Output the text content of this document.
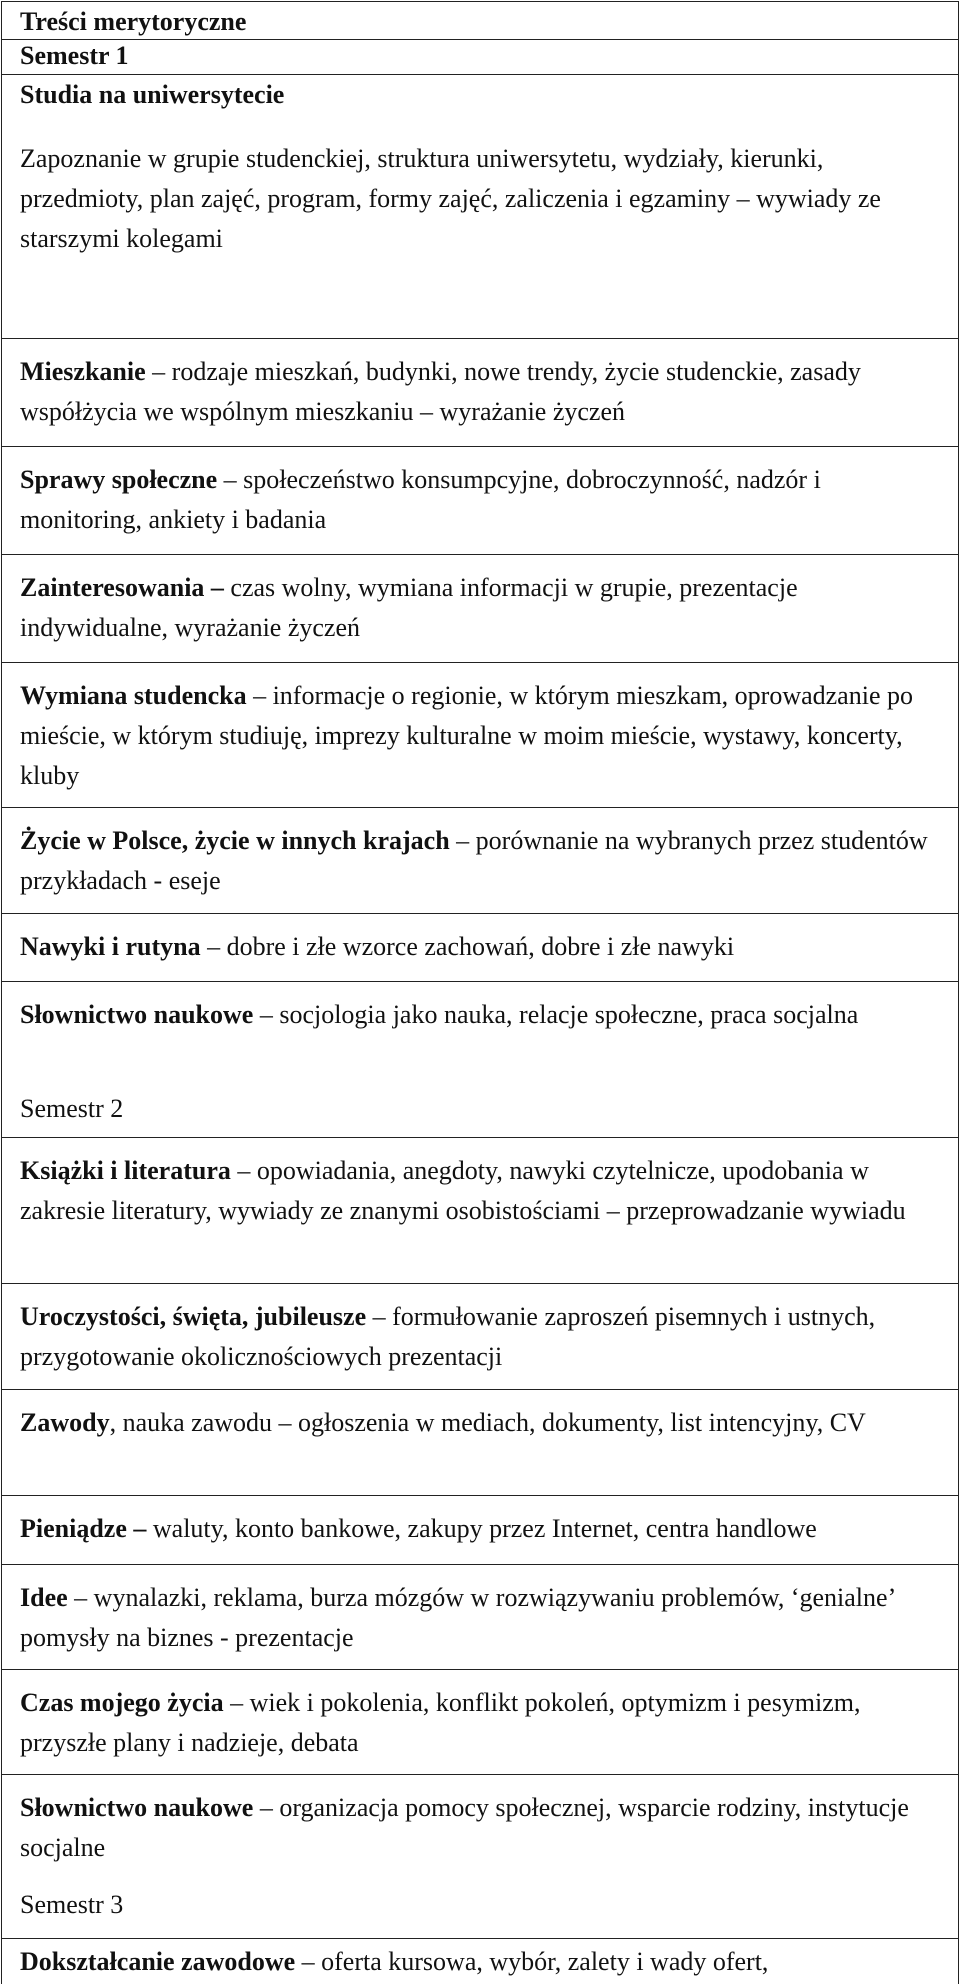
Treści merytoryczne
Semestr 1
Studia na uniwersytecie
Zapoznanie w grupie studenckiej, struktura uniwersytetu, wydziały, kierunki, przedmioty, plan zajęć, program, formy zajęć, zaliczenia i egzaminy – wywiady ze starszymi kolegami
Mieszkanie – rodzaje mieszkań, budynki, nowe trendy, życie studenckie, zasady współżycia we wspólnym mieszkaniu – wyrażanie życzeń
Sprawy społeczne – społeczeństwo konsumpcyjne, dobroczynność, nadzór i monitoring, ankiety i badania
Zainteresowania – czas wolny, wymiana informacji w grupie, prezentacje indywidualne, wyrażanie życzeń
Wymiana studencka – informacje o regionie, w którym mieszkam, oprowadzanie po mieście, w którym studiuję, imprezy kulturalne w moim mieście, wystawy, koncerty, kluby
Życie w Polsce, życie w innych krajach – porównanie na wybranych przez studentów przykładach - eseje
Nawyki i rutyna – dobre i złe wzorce zachowań, dobre i złe nawyki
Słownictwo naukowe – socjologia jako nauka, relacje społeczne, praca socjalna
Semestr 2
Książki i literatura – opowiadania, anegdoty, nawyki czytelnicze, upodobania w zakresie literatury, wywiady ze znanymi osobistościami – przeprowadzanie wywiadu
Uroczystości, święta, jubileusze – formułowanie zaproszeń pisemnych i ustnych, przygotowanie okolicznościowych prezentacji
Zawody, nauka zawodu – ogłoszenia w mediach, dokumenty, list intencyjny, CV
Pieniądze – waluty, konto bankowe, zakupy przez Internet, centra handlowe
Idee – wynalazki, reklama, burza mózgów w rozwiązywaniu problemów, ‘genialne’ pomysły na biznes - prezentacje
Czas mojego życia – wiek i pokolenia, konflikt pokoleń, optymizm i pesymizm, przyszłe plany i nadzieje, debata
Słownictwo naukowe – organizacja pomocy społecznej, wsparcie rodziny, instytucje socjalne
Semestr 3
Dokształcanie zawodowe – oferta kursowa, wybór, zalety i wady ofert,
